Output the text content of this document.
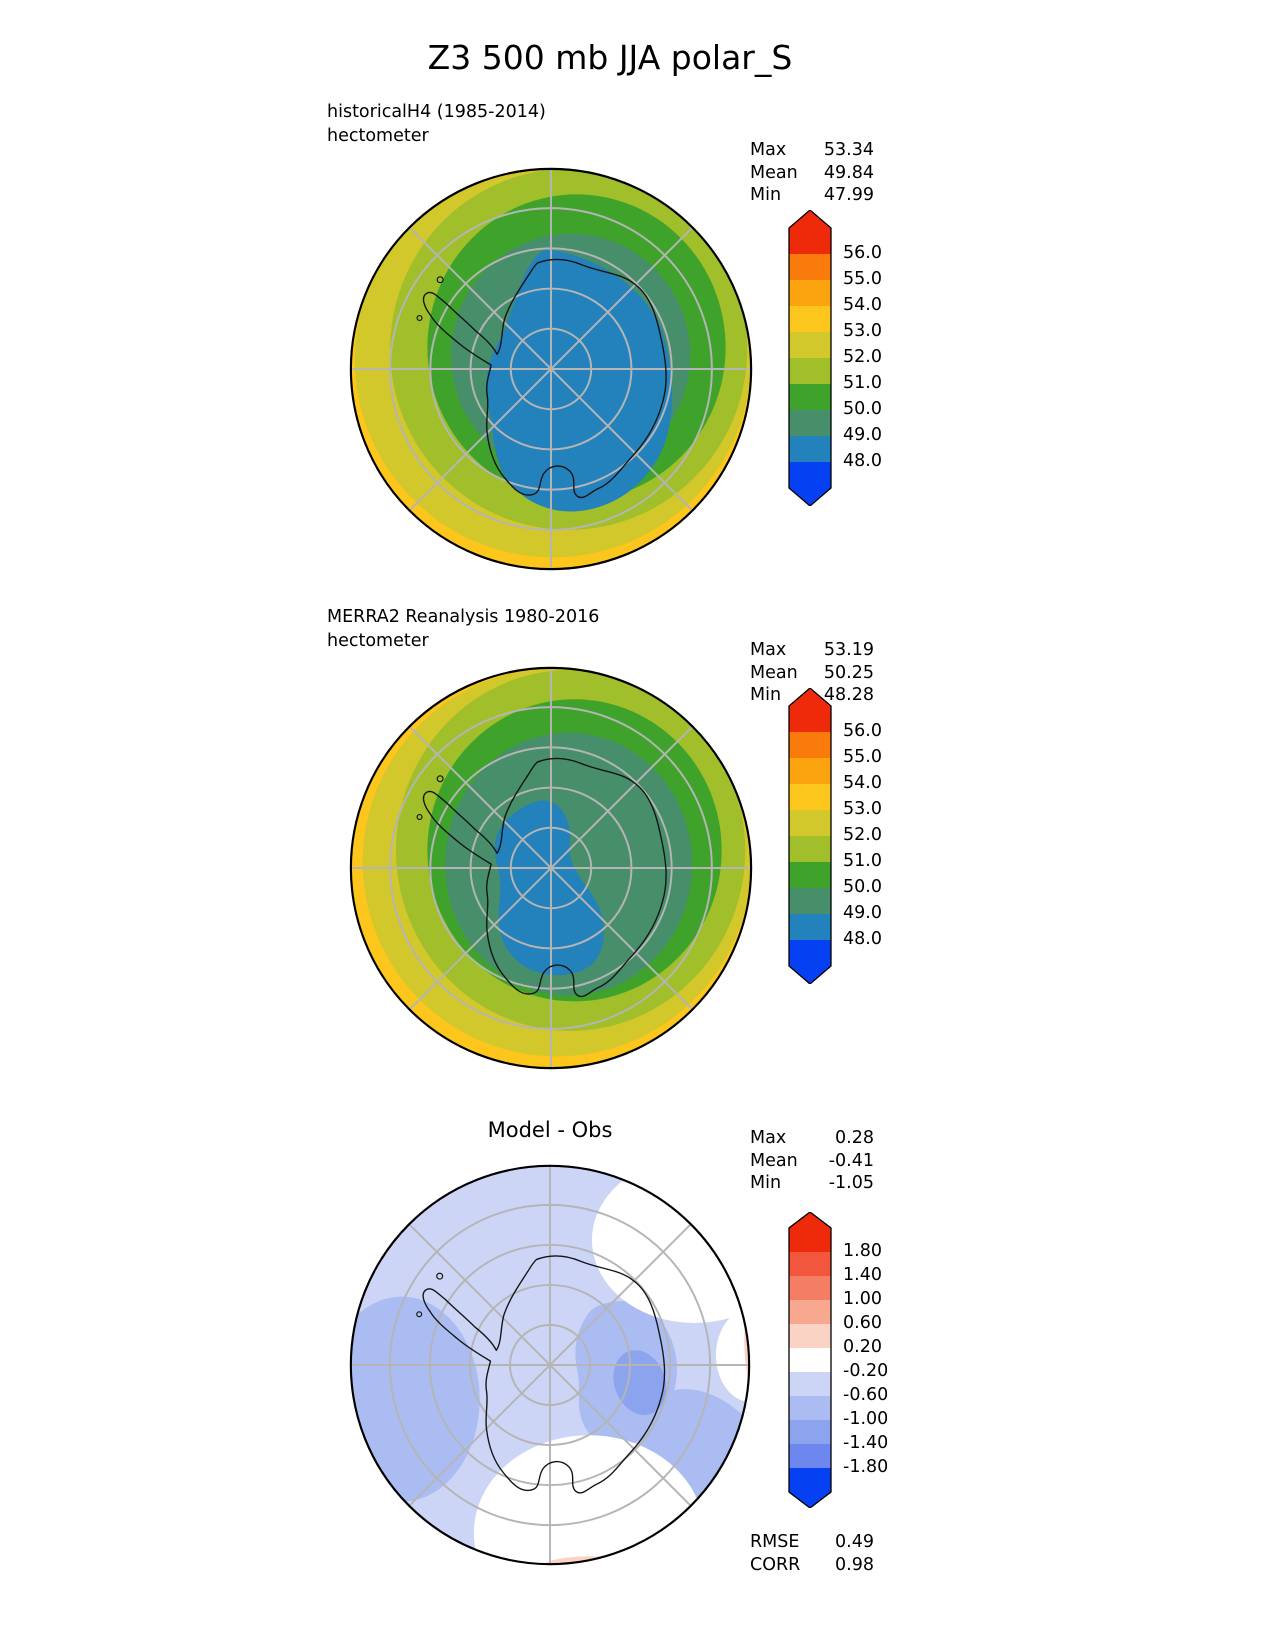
Z3 500 mb JJA polar_S
historicalH4 (1985-2014)
hectometer
Max 53.34
Mean 49.84
Min 47.99
56.0
55.0
54.0
53.0
52.0
51.0
50.0
49.0
48.0
MERRA2 Reanalysis 1980-2016
hectometer	Max 53.19
Mean 50.25
Min 48.28
56.0
55.0
54.0
53.0
52.0
51.0
50.0
49.0
48.0
Model - Obs	Max	0.28
Mean -0.41
Min	-1.05
1.80
1.40
1.00
0.60
0.20
-0.20
-0.60
-1.00
-1.40
-1.80
RMSE 0.49
CORR 0.98
